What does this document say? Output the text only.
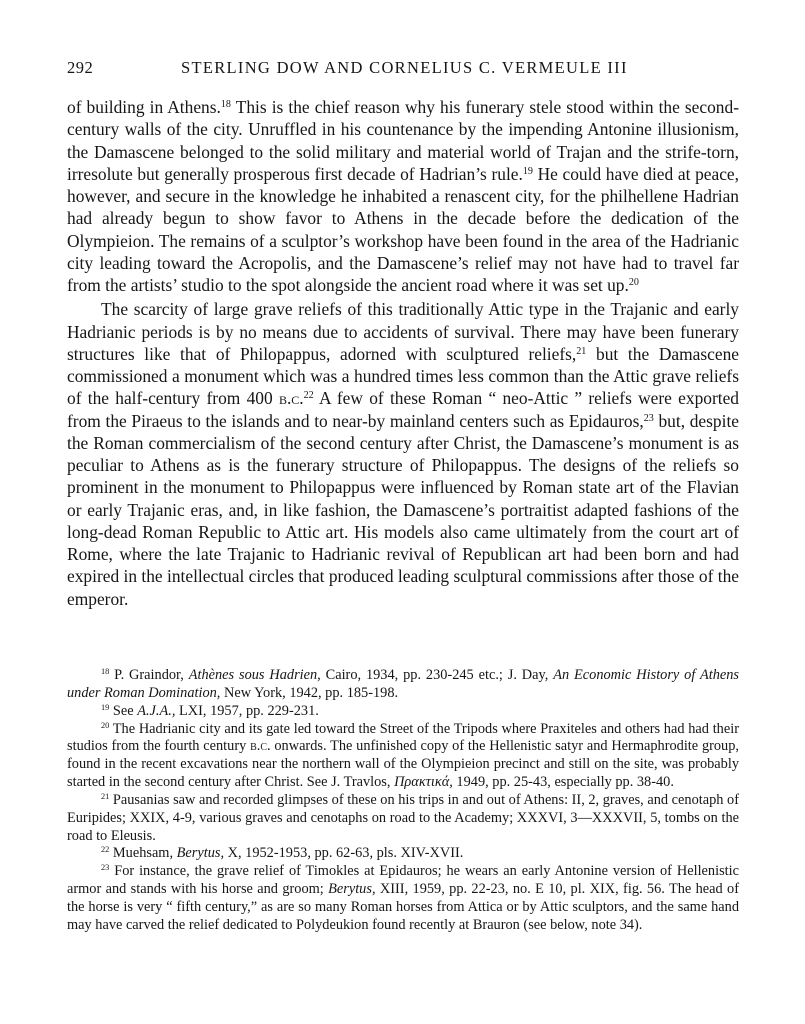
292	STERLING DOW AND CORNELIUS C. VERMEULE III

of building in Athens.$^{18}$ This is the chief reason why his funerary stele stood within the second-century walls of the city. Unruffled in his countenance by the impending Antonine illusionism, the Damascene belonged to the solid military and material world of Trajan and the strife-torn, irresolute but generally prosperous first decade of Hadrian’s rule.$^{19}$ He could have died at peace, however, and secure in the knowledge he inhabited a renascent city, for the philhellene Hadrian had already begun to show favor to Athens in the decade before the dedication of the Olympieion. The remains of a sculptor’s workshop have been found in the area of the Hadrianic city leading toward the Acropolis, and the Damascene’s relief may not have had to travel far from the artists’ studio to the spot alongside the ancient road where it was set up.$^{20}$

The scarcity of large grave reliefs of this traditionally Attic type in the Trajanic and early Hadrianic periods is by no means due to accidents of survival. There may have been funerary structures like that of Philopappus, adorned with sculptured reliefs,$^{21}$ but the Damascene commissioned a monument which was a hundred times less common than the Attic grave reliefs of the half-century from 400 b.c.$^{22}$ A few of these Roman “ neo-Attic ” reliefs were exported from the Piraeus to the islands and to near-by mainland centers such as Epidauros,$^{23}$ but, despite the Roman commercialism of the second century after Christ, the Damascene’s monument is as peculiar to Athens as is the funerary structure of Philopappus. The designs of the reliefs so prominent in the monument to Philopappus were influenced by Roman state art of the Flavian or early Trajanic eras, and, in like fashion, the Damascene’s portraitist adapted fashions of the long-dead Roman Republic to Attic art. His models also came ultimately from the court art of Rome, where the late Trajanic to Hadrianic revival of Republican art had been born and had expired in the intellectual circles that produced leading sculptural commissions after those of the emperor.

$^{18}$ P. Graindor, Athènes sous Hadrien, Cairo, 1934, pp. 230-245 etc.; J. Day, An Economic History of Athens under Roman Domination, New York, 1942, pp. 185-198.

$^{19}$ See A.J.A., LXI, 1957, pp. 229-231.

$^{20}$ The Hadrianic city and its gate led toward the Street of the Tripods where Praxiteles and others had had their studios from the fourth century b.c. onwards. The unfinished copy of the Hellenistic satyr and Hermaphrodite group, found in the recent excavations near the northern wall of the Olympieion precinct and still on the site, was probably started in the second century after Christ. See J. Travlos, Πρακτικά, 1949, pp. 25-43, especially pp. 38-40.

$^{21}$ Pausanias saw and recorded glimpses of these on his trips in and out of Athens: II, 2, graves, and cenotaph of Euripides; XXIX, 4-9, various graves and cenotaphs on road to the Academy; XXXVI, 3—XXXVII, 5, tombs on the road to Eleusis.

$^{22}$ Muehsam, Berytus, X, 1952-1953, pp. 62-63, pls. XIV-XVII.

$^{23}$ For instance, the grave relief of Timokles at Epidauros; he wears an early Antonine version of Hellenistic armor and stands with his horse and groom; Berytus, XIII, 1959, pp. 22-23, no. E 10, pl. XIX, fig. 56. The head of the horse is very “ fifth century,” as are so many Roman horses from Attica or by Attic sculptors, and the same hand may have carved the relief dedicated to Polydeukion found recently at Brauron (see below, note 34).
